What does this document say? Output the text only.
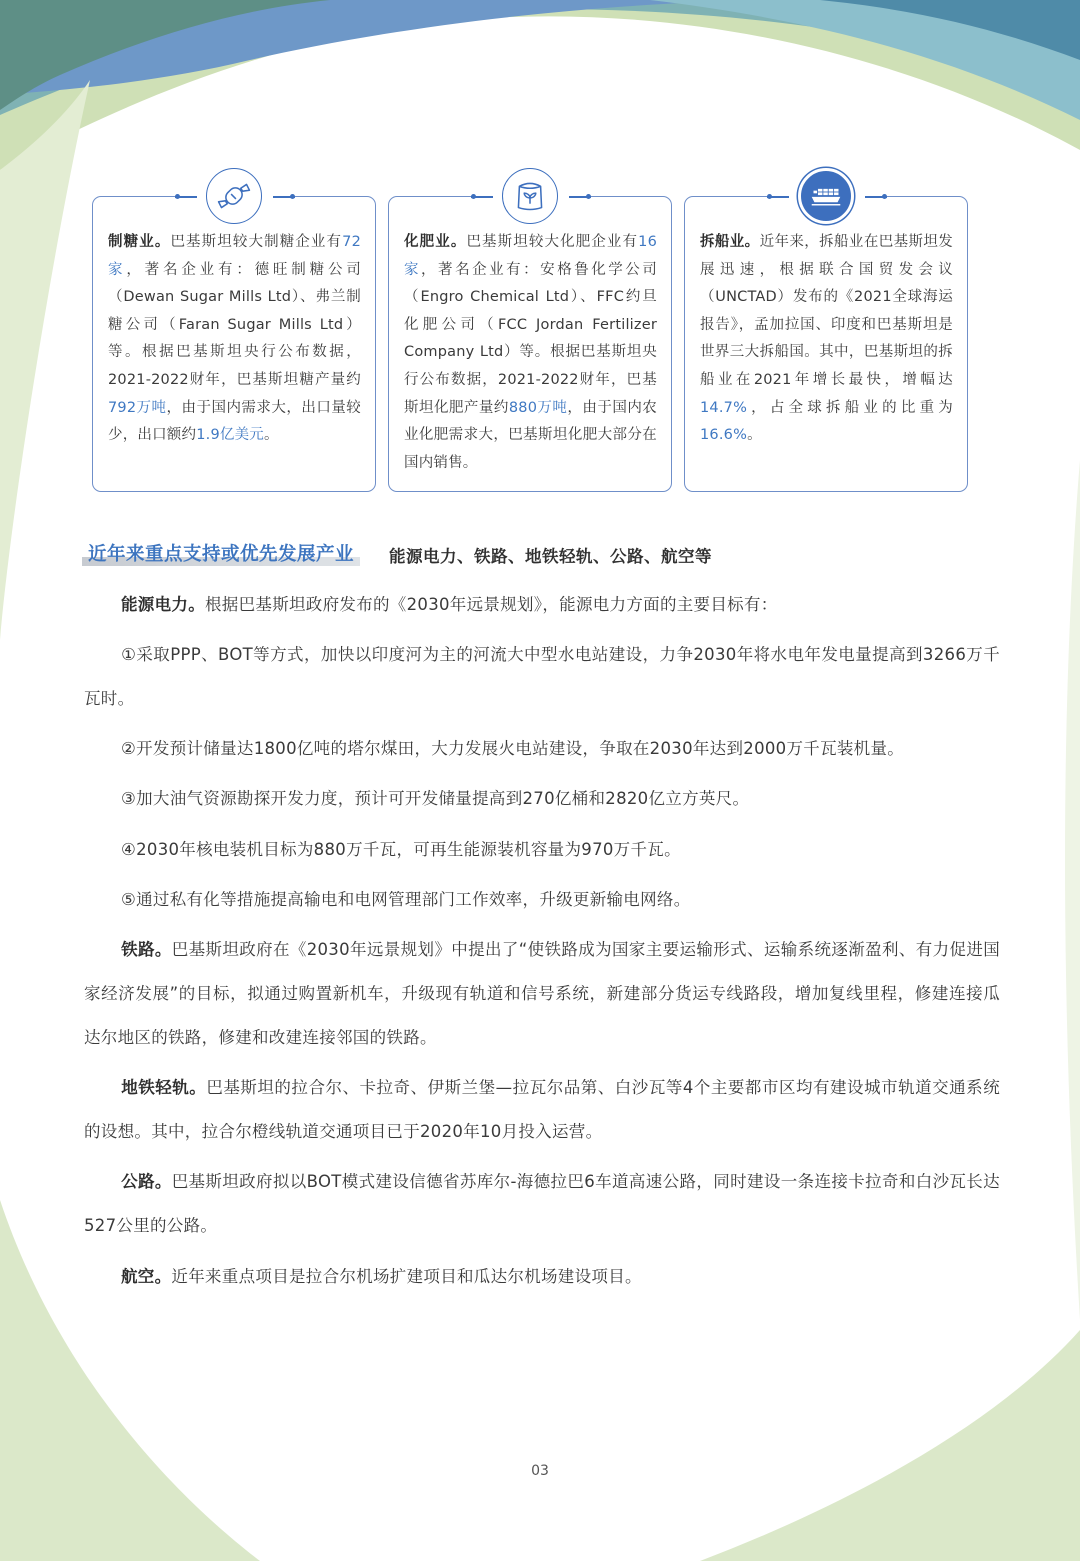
制糖业。巴基斯坦较大制糖企业有72家，著名企业有：德旺制糖公司（Dewan Sugar Mills Ltd）、弗兰制糖公司（Faran Sugar Mills Ltd）等。根据巴基斯坦央行公布数据，2021-2022财年，巴基斯坦糖产量约792万吨，由于国内需求大，出口量较少，出口额约1.9亿美元。
化肥业。巴基斯坦较大化肥企业有16家，著名企业有：安格鲁化学公司（Engro Chemical Ltd）、FFC约旦化肥公司（FCC Jordan Fertilizer Company Ltd）等。根据巴基斯坦央行公布数据，2021-2022财年，巴基斯坦化肥产量约880万吨，由于国内农业化肥需求大，巴基斯坦化肥大部分在国内销售。
拆船业。近年来，拆船业在巴基斯坦发展迅速，根据联合国贸发会议（UNCTAD）发布的《2021全球海运报告》，孟加拉国、印度和巴基斯坦是世界三大拆船国。其中，巴基斯坦的拆船业在2021年增长最快，增幅达14.7%，占全球拆船业的比重为16.6%。
近年来重点支持或优先发展产业	能源电力、铁路、地铁轻轨、公路、航空等
能源电力。根据巴基斯坦政府发布的《2030年远景规划》，能源电力方面的主要目标有：
①采取PPP、BOT等方式，加快以印度河为主的河流大中型水电站建设，力争2030年将水电年发电量提高到3266万千瓦时。
②开发预计储量达1800亿吨的塔尔煤田，大力发展火电站建设，争取在2030年达到2000万千瓦装机量。
③加大油气资源勘探开发力度，预计可开发储量提高到270亿桶和2820亿立方英尺。
④2030年核电装机目标为880万千瓦，可再生能源装机容量为970万千瓦。
⑤通过私有化等措施提高输电和电网管理部门工作效率，升级更新输电网络。
铁路。巴基斯坦政府在《2030年远景规划》中提出了“使铁路成为国家主要运输形式、运输系统逐渐盈利、有力促进国家经济发展”的目标，拟通过购置新机车，升级现有轨道和信号系统，新建部分货运专线路段，增加复线里程，修建连接瓜达尔地区的铁路，修建和改建连接邻国的铁路。
地铁轻轨。巴基斯坦的拉合尔、卡拉奇、伊斯兰堡—拉瓦尔品第、白沙瓦等4个主要都市区均有建设城市轨道交通系统的设想。其中，拉合尔橙线轨道交通项目已于2020年10月投入运营。
公路。巴基斯坦政府拟以BOT模式建设信德省苏库尔-海德拉巴6车道高速公路，同时建设一条连接卡拉奇和白沙瓦长达527公里的公路。
航空。近年来重点项目是拉合尔机场扩建项目和瓜达尔机场建设项目。
03
